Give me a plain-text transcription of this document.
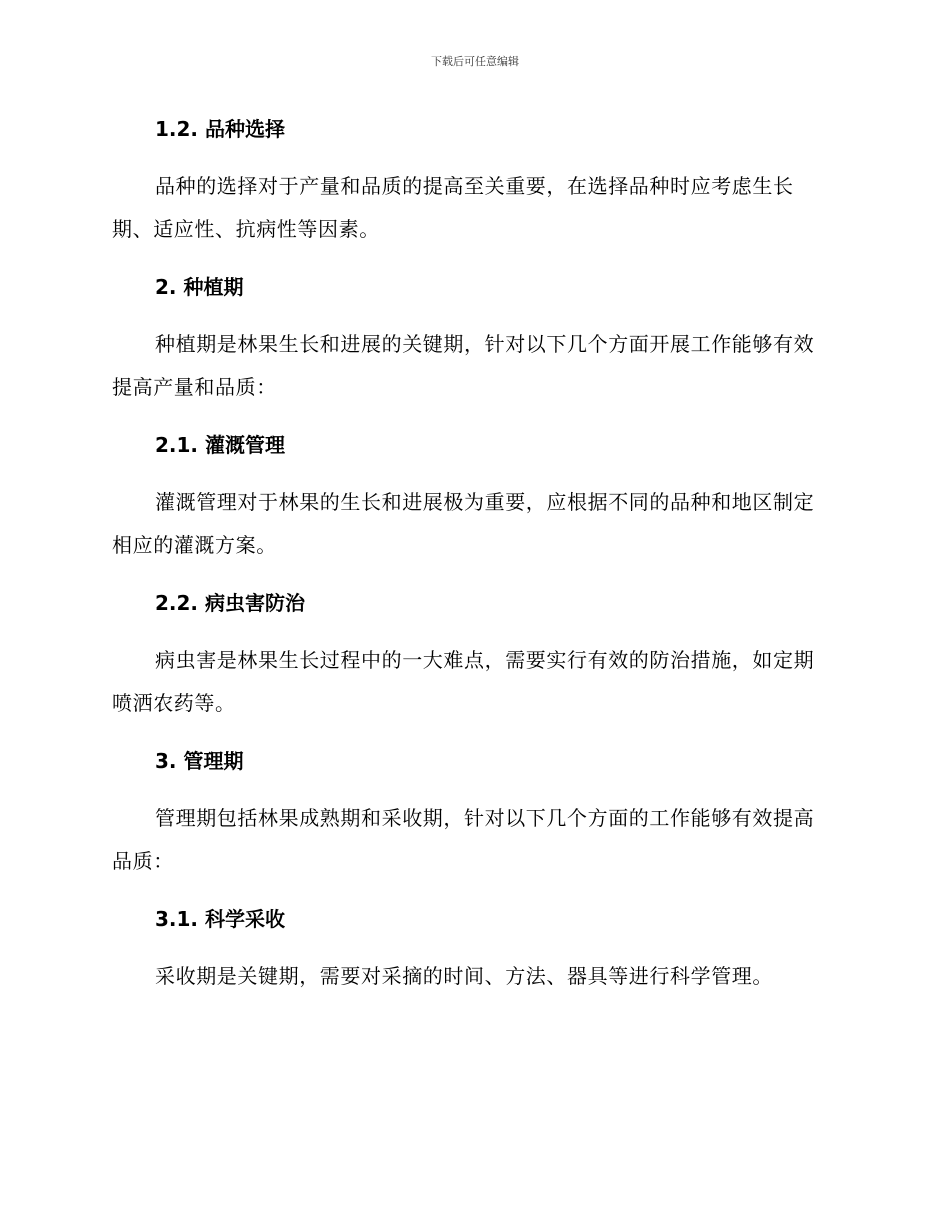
下载后可任意编辑
1.2. 品种选择

品种的选择对于产量和品质的提高至关重要，在选择品种时应考虑生长期、适应性、抗病性等因素。

2. 种植期

种植期是林果生长和进展的关键期，针对以下几个方面开展工作能够有效提高产量和品质：

2.1. 灌溉管理

灌溉管理对于林果的生长和进展极为重要，应根据不同的品种和地区制定相应的灌溉方案。

2.2. 病虫害防治

病虫害是林果生长过程中的一大难点，需要实行有效的防治措施，如定期喷洒农药等。

3. 管理期

管理期包括林果成熟期和采收期，针对以下几个方面的工作能够有效提高品质：

3.1. 科学采收

采收期是关键期，需要对采摘的时间、方法、器具等进行科学管理。
